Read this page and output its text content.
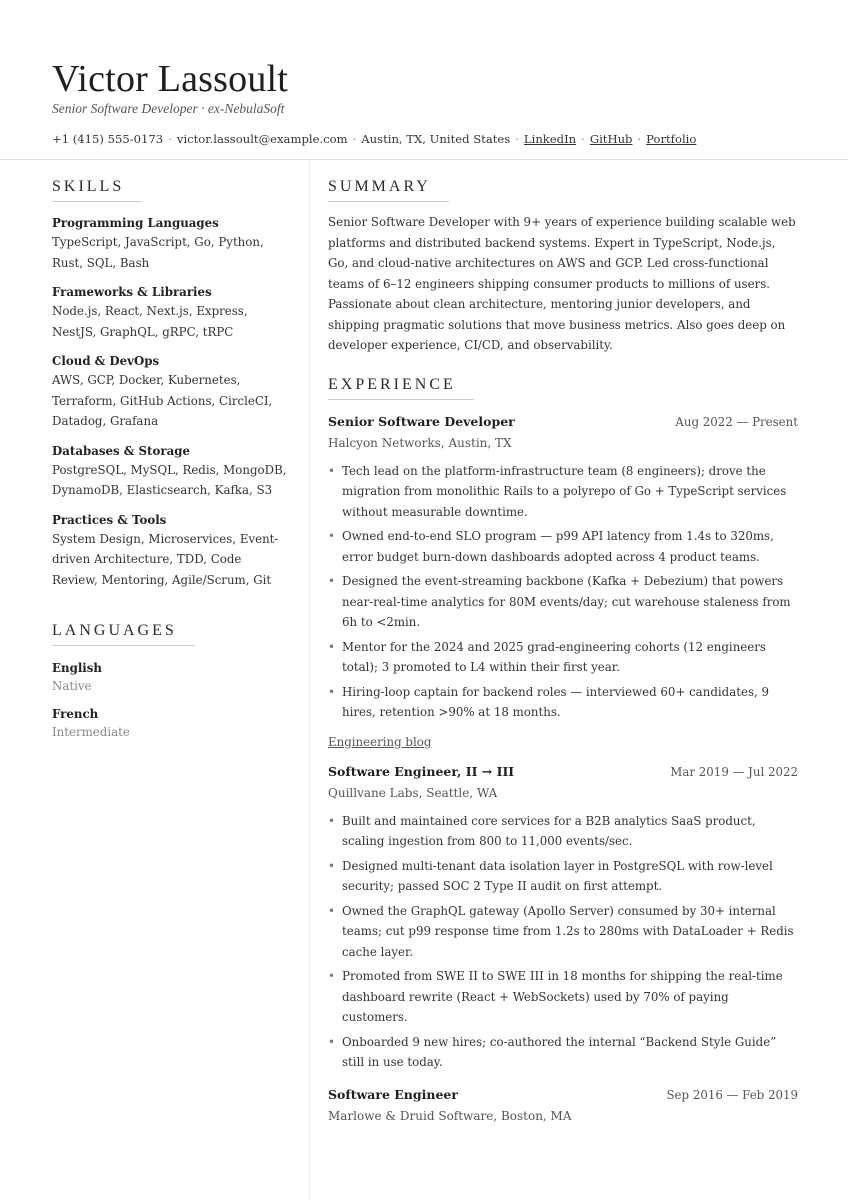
Victor Lassoult
Senior Software Developer · ex-NebulaSoft
+1 (415) 555-0173 · victor.lassoult@example.com · Austin, TX, United States · LinkedIn · GitHub · Portfolio
SKILLS
Programming Languages
TypeScript, JavaScript, Go, Python, Rust, SQL, Bash
Frameworks & Libraries
Node.js, React, Next.js, Express, NestJS, GraphQL, gRPC, tRPC
Cloud & DevOps
AWS, GCP, Docker, Kubernetes, Terraform, GitHub Actions, CircleCI, Datadog, Grafana
Databases & Storage
PostgreSQL, MySQL, Redis, MongoDB, DynamoDB, Elasticsearch, Kafka, S3
Practices & Tools
System Design, Microservices, Event-driven Architecture, TDD, Code Review, Mentoring, Agile/Scrum, Git
LANGUAGES
English
Native
French
Intermediate
SUMMARY
Senior Software Developer with 9+ years of experience building scalable web platforms and distributed backend systems. Expert in TypeScript, Node.js, Go, and cloud-native architectures on AWS and GCP. Led cross-functional teams of 6–12 engineers shipping consumer products to millions of users. Passionate about clean architecture, mentoring junior developers, and shipping pragmatic solutions that move business metrics. Also goes deep on developer experience, CI/CD, and observability.
EXPERIENCE
Senior Software Developer	Aug 2022 — Present
Halcyon Networks, Austin, TX
• Tech lead on the platform-infrastructure team (8 engineers); drove the migration from monolithic Rails to a polyrepo of Go + TypeScript services without measurable downtime.
• Owned end-to-end SLO program — p99 API latency from 1.4s to 320ms, error budget burn-down dashboards adopted across 4 product teams.
• Designed the event-streaming backbone (Kafka + Debezium) that powers near-real-time analytics for 80M events/day; cut warehouse staleness from 6h to <2min.
• Mentor for the 2024 and 2025 grad-engineering cohorts (12 engineers total); 3 promoted to L4 within their first year.
• Hiring-loop captain for backend roles — interviewed 60+ candidates, 9 hires, retention >90% at 18 months.
Engineering blog
Software Engineer, II → III	Mar 2019 — Jul 2022
Quillvane Labs, Seattle, WA
• Built and maintained core services for a B2B analytics SaaS product, scaling ingestion from 800 to 11,000 events/sec.
• Designed multi-tenant data isolation layer in PostgreSQL with row-level security; passed SOC 2 Type II audit on first attempt.
• Owned the GraphQL gateway (Apollo Server) consumed by 30+ internal teams; cut p99 response time from 1.2s to 280ms with DataLoader + Redis cache layer.
• Promoted from SWE II to SWE III in 18 months for shipping the real-time dashboard rewrite (React + WebSockets) used by 70% of paying customers.
• Onboarded 9 new hires; co-authored the internal “Backend Style Guide” still in use today.
Software Engineer	Sep 2016 — Feb 2019
Marlowe & Druid Software, Boston, MA
